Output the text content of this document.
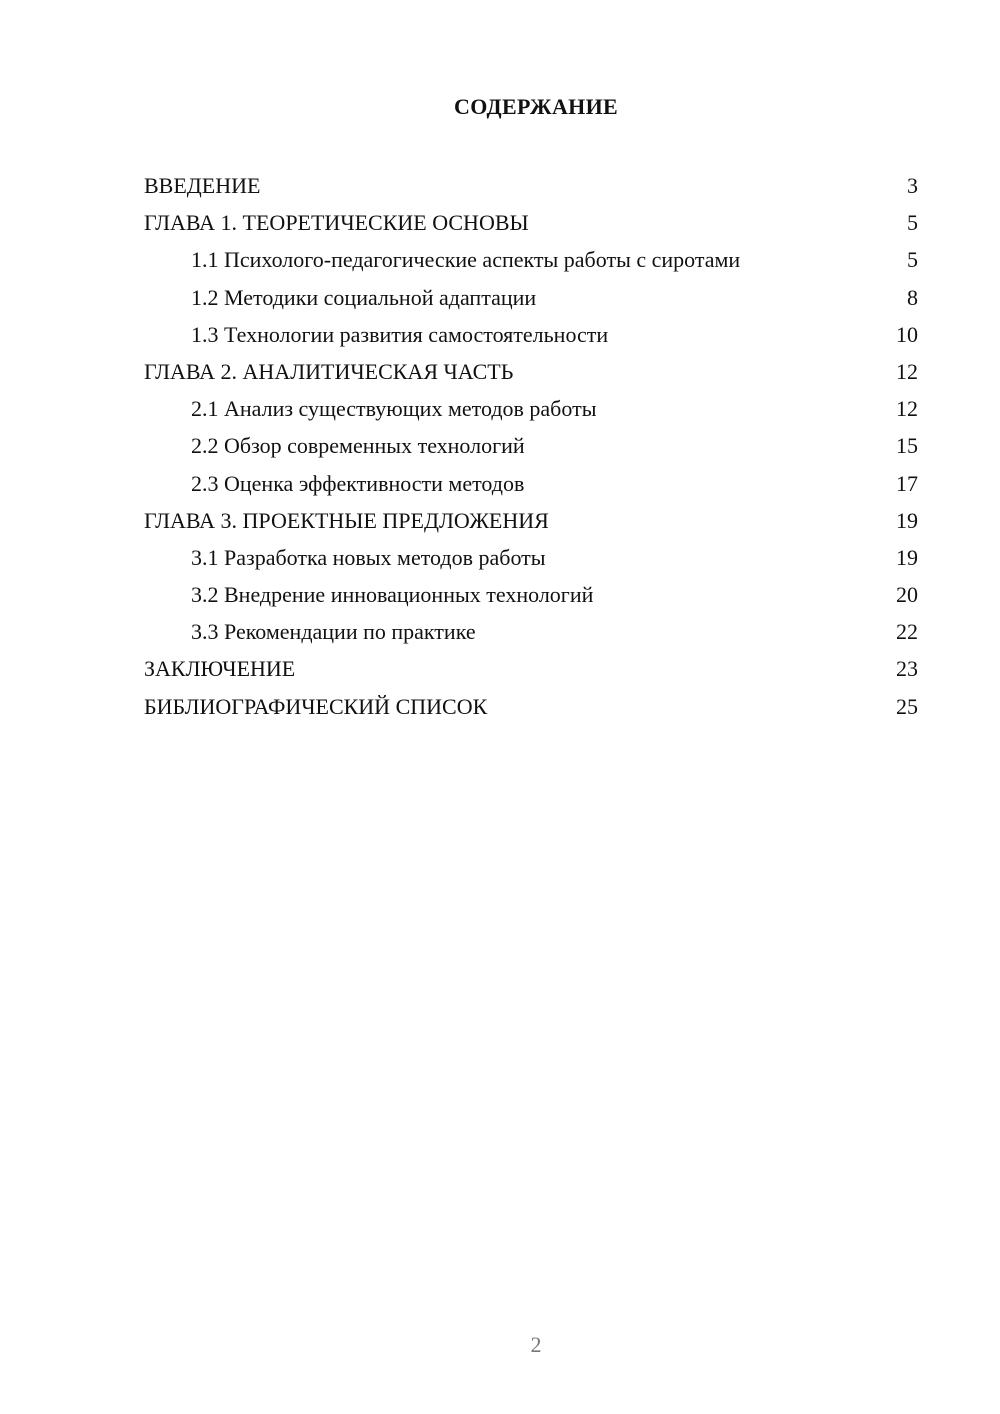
СОДЕРЖАНИЕ
ВВЕДЕНИЕ	3
ГЛАВА 1. ТЕОРЕТИЧЕСКИЕ ОСНОВЫ	5
1.1 Психолого-педагогические аспекты работы с сиротами	5
1.2 Методики социальной адаптации	8
1.3 Технологии развития самостоятельности	10
ГЛАВА 2. АНАЛИТИЧЕСКАЯ ЧАСТЬ	12
2.1 Анализ существующих методов работы	12
2.2 Обзор современных технологий	15
2.3 Оценка эффективности методов	17
ГЛАВА 3. ПРОЕКТНЫЕ ПРЕДЛОЖЕНИЯ	19
3.1 Разработка новых методов работы	19
3.2 Внедрение инновационных технологий	20
3.3 Рекомендации по практике	22
ЗАКЛЮЧЕНИЕ	23
БИБЛИОГРАФИЧЕСКИЙ СПИСОК	25
2
